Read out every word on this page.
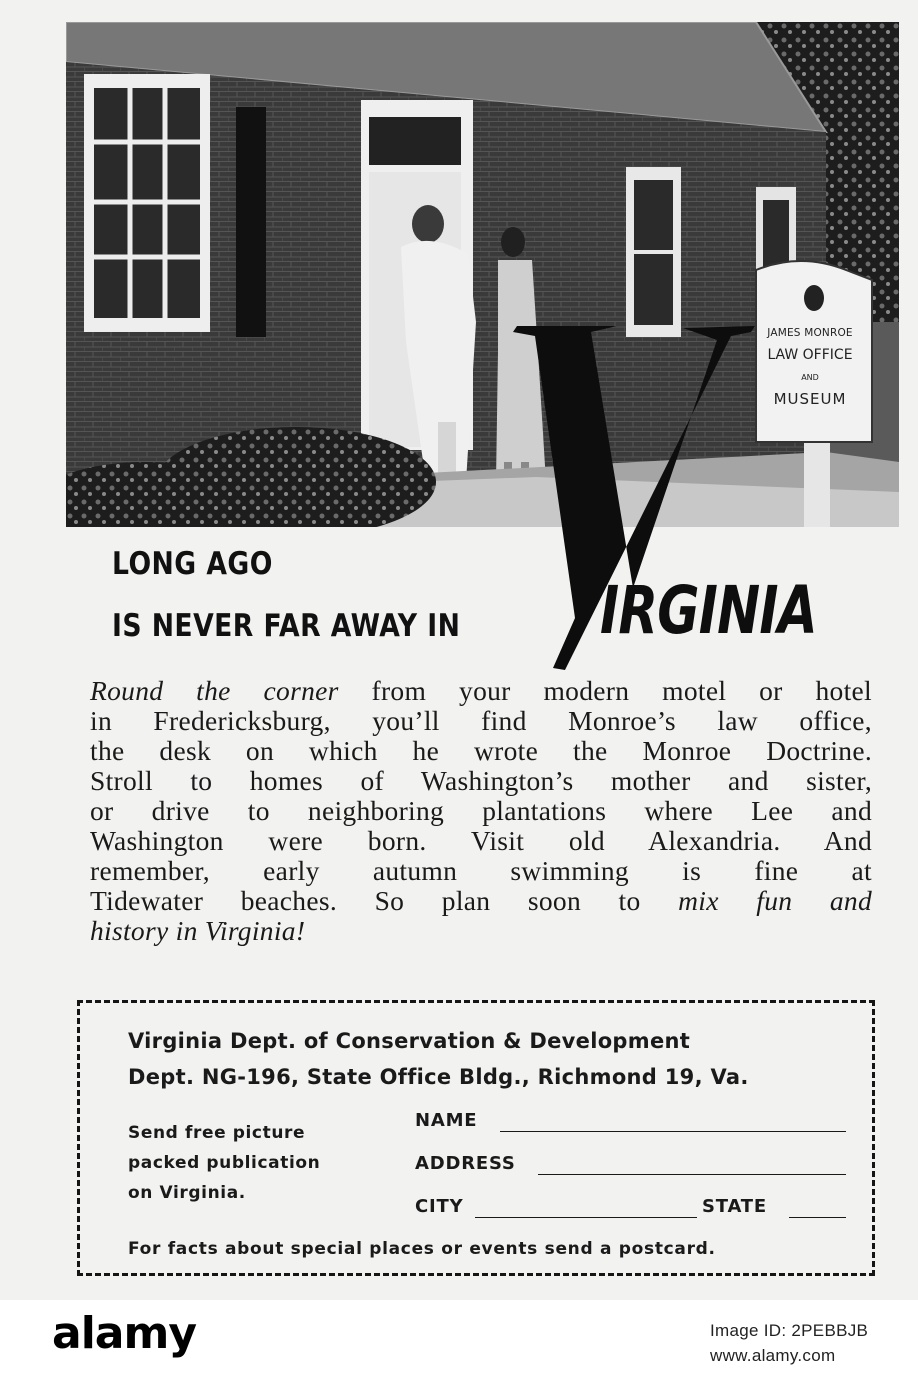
JAMES MONROE
LAW OFFICE
AND
MUSEUM
LONG AGO
IS NEVER FAR AWAY IN IRGINIA
Round the corner from your modern motel or hotel
in Fredericksburg, you’ll find Monroe’s law office,
the desk on which he wrote the Monroe Doctrine.
Stroll to homes of Washington’s mother and sister,
or drive to neighboring plantations where Lee and
Washington were born. Visit old Alexandria. And
remember, early autumn swimming is fine at
Tidewater beaches. So plan soon to mix fun and
history in Virginia!
Virginia Dept. of Conservation & Development
Dept. NG-196, State Office Bldg., Richmond 19, Va.
Send free picture
packed publication
on Virginia.
NAME
ADDRESS
CITY	STATE
For facts about special places or events send a postcard.
alamy	Image ID: 2PEBBJB
www.alamy.com
